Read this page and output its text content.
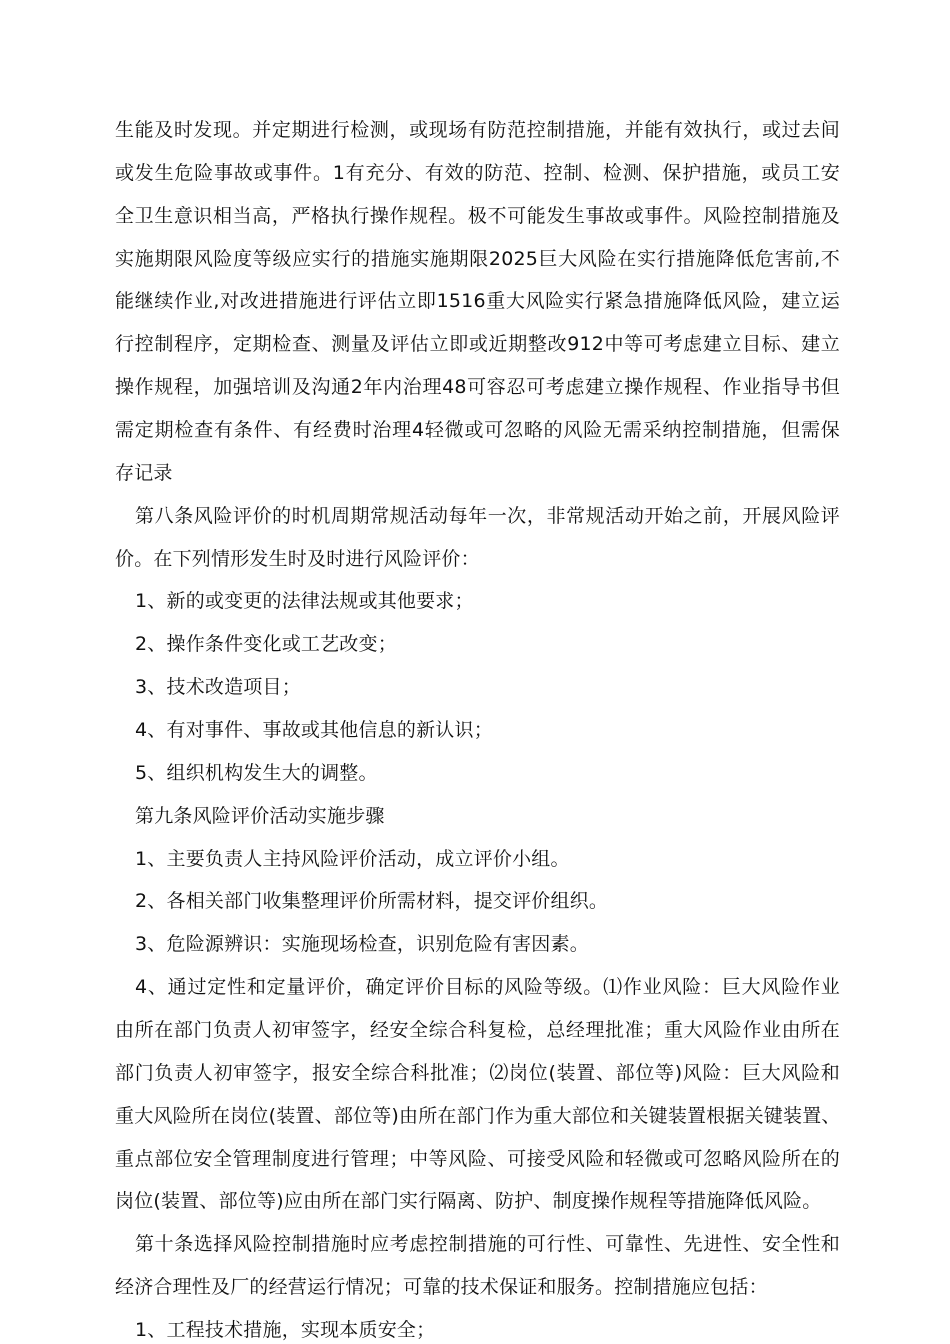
生能及时发现。并定期进行检测，或现场有防范控制措施，并能有效执行，或过去间
或发生危险事故或事件。1有充分、有效的防范、控制、检测、保护措施，或员工安
全卫生意识相当高，严格执行操作规程。极不可能发生事故或事件。风险控制措施及
实施期限风险度等级应实行的措施实施期限2025巨大风险在实行措施降低危害前,不
能继续作业,对改进措施进行评估立即1516重大风险实行紧急措施降低风险，建立运
行控制程序，定期检查、测量及评估立即或近期整改912中等可考虑建立目标、建立
操作规程，加强培训及沟通2年内治理48可容忍可考虑建立操作规程、作业指导书但
需定期检查有条件、有经费时治理4轻微或可忽略的风险无需采纳控制措施，但需保
存记录
第八条风险评价的时机周期常规活动每年一次，非常规活动开始之前，开展风险评
价。在下列情形发生时及时进行风险评价：
1、新的或变更的法律法规或其他要求；
2、操作条件变化或工艺改变；
3、技术改造项目；
4、有对事件、事故或其他信息的新认识；
5、组织机构发生大的调整。
第九条风险评价活动实施步骤
1、主要负责人主持风险评价活动，成立评价小组。
2、各相关部门收集整理评价所需材料，提交评价组织。
3、危险源辨识：实施现场检查，识别危险有害因素。
4、通过定性和定量评价，确定评价目标的风险等级。⑴作业风险：巨大风险作业
由所在部门负责人初审签字，经安全综合科复检，总经理批准；重大风险作业由所在
部门负责人初审签字，报安全综合科批准；⑵岗位(装置、部位等)风险：巨大风险和
重大风险所在岗位(装置、部位等)由所在部门作为重大部位和关键装置根据关键装置、
重点部位安全管理制度进行管理；中等风险、可接受风险和轻微或可忽略风险所在的
岗位(装置、部位等)应由所在部门实行隔离、防护、制度操作规程等措施降低风险。
第十条选择风险控制措施时应考虑控制措施的可行性、可靠性、先进性、安全性和
经济合理性及厂的经营运行情况；可靠的技术保证和服务。控制措施应包括：
1、工程技术措施，实现本质安全；
